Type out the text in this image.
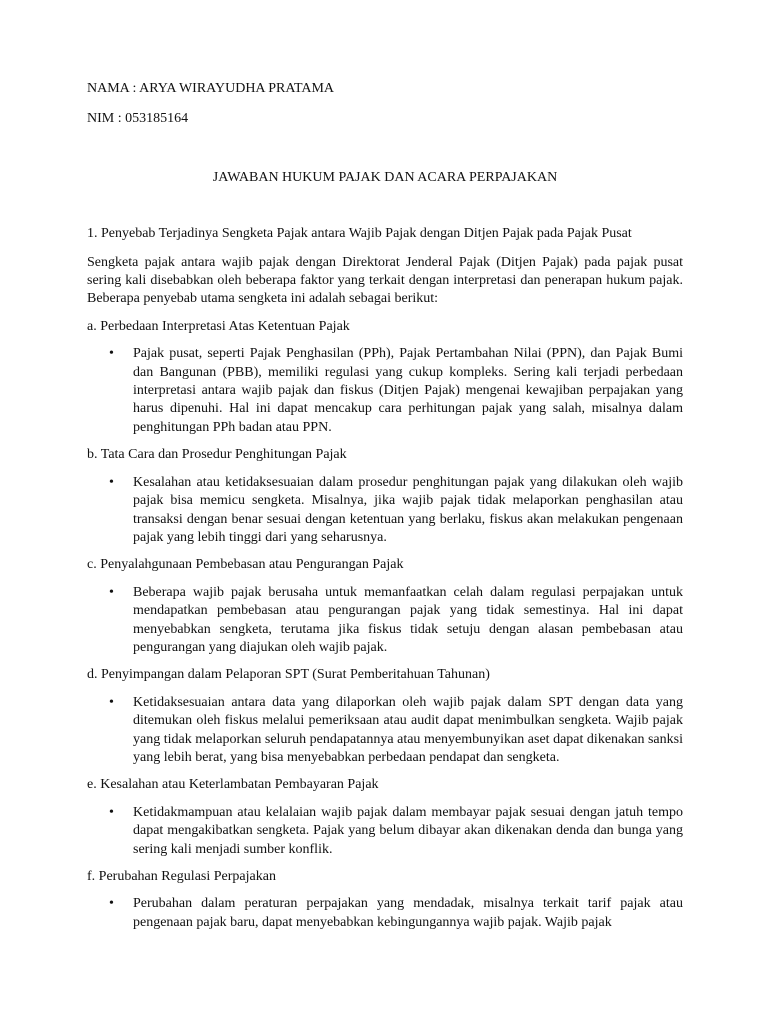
NAMA : ARYA WIRAYUDHA PRATAMA

NIM : 053185164

JAWABAN HUKUM PAJAK DAN ACARA PERPAJAKAN

1. Penyebab Terjadinya Sengketa Pajak antara Wajib Pajak dengan Ditjen Pajak pada Pajak Pusat

Sengketa pajak antara wajib pajak dengan Direktorat Jenderal Pajak (Ditjen Pajak) pada pajak pusat sering kali disebabkan oleh beberapa faktor yang terkait dengan interpretasi dan penerapan hukum pajak. Beberapa penyebab utama sengketa ini adalah sebagai berikut:

a. Perbedaan Interpretasi Atas Ketentuan Pajak

• Pajak pusat, seperti Pajak Penghasilan (PPh), Pajak Pertambahan Nilai (PPN), dan Pajak Bumi dan Bangunan (PBB), memiliki regulasi yang cukup kompleks. Sering kali terjadi perbedaan interpretasi antara wajib pajak dan fiskus (Ditjen Pajak) mengenai kewajiban perpajakan yang harus dipenuhi. Hal ini dapat mencakup cara perhitungan pajak yang salah, misalnya dalam penghitungan PPh badan atau PPN.

b. Tata Cara dan Prosedur Penghitungan Pajak

• Kesalahan atau ketidaksesuaian dalam prosedur penghitungan pajak yang dilakukan oleh wajib pajak bisa memicu sengketa. Misalnya, jika wajib pajak tidak melaporkan penghasilan atau transaksi dengan benar sesuai dengan ketentuan yang berlaku, fiskus akan melakukan pengenaan pajak yang lebih tinggi dari yang seharusnya.

c. Penyalahgunaan Pembebasan atau Pengurangan Pajak

• Beberapa wajib pajak berusaha untuk memanfaatkan celah dalam regulasi perpajakan untuk mendapatkan pembebasan atau pengurangan pajak yang tidak semestinya. Hal ini dapat menyebabkan sengketa, terutama jika fiskus tidak setuju dengan alasan pembebasan atau pengurangan yang diajukan oleh wajib pajak.

d. Penyimpangan dalam Pelaporan SPT (Surat Pemberitahuan Tahunan)

• Ketidaksesuaian antara data yang dilaporkan oleh wajib pajak dalam SPT dengan data yang ditemukan oleh fiskus melalui pemeriksaan atau audit dapat menimbulkan sengketa. Wajib pajak yang tidak melaporkan seluruh pendapatannya atau menyembunyikan aset dapat dikenakan sanksi yang lebih berat, yang bisa menyebabkan perbedaan pendapat dan sengketa.

e. Kesalahan atau Keterlambatan Pembayaran Pajak

• Ketidakmampuan atau kelalaian wajib pajak dalam membayar pajak sesuai dengan jatuh tempo dapat mengakibatkan sengketa. Pajak yang belum dibayar akan dikenakan denda dan bunga yang sering kali menjadi sumber konflik.

f. Perubahan Regulasi Perpajakan

• Perubahan dalam peraturan perpajakan yang mendadak, misalnya terkait tarif pajak atau pengenaan pajak baru, dapat menyebabkan kebingungannya wajib pajak. Wajib pajak
